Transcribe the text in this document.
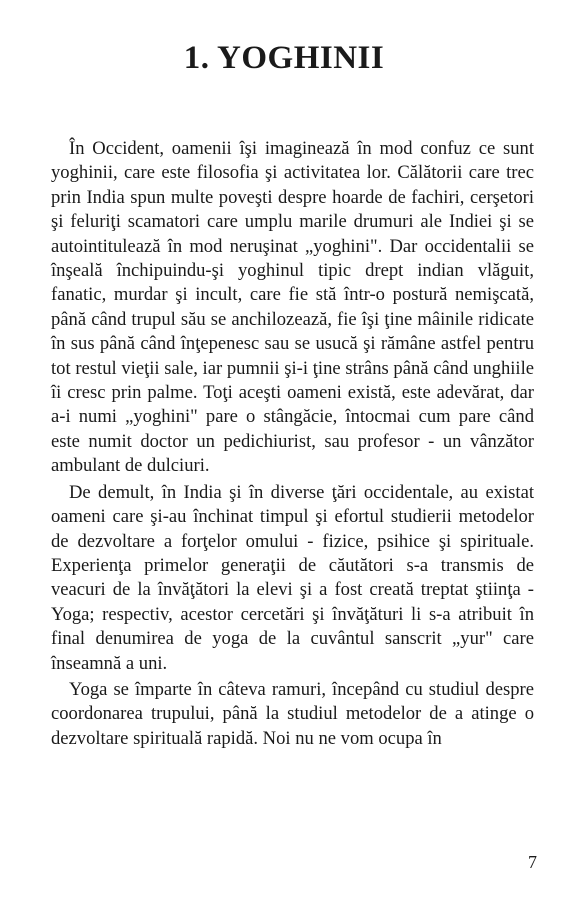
1. YOGHINII

În Occident, oamenii îşi imaginează în mod confuz ce sunt yoghinii, care este filosofia şi activitatea lor. Călătorii care trec prin India spun multe poveşti despre hoarde de fachiri, cerşetori şi feluriţi scamatori care umplu marile drumuri ale Indiei şi se autointitulează în mod neruşinat „yoghini". Dar occidentalii se înşeală închipuindu-şi yoghinul tipic drept indian vlăguit, fanatic, murdar şi incult, care fie stă într-o postură nemişcată, până când trupul său se anchilozează, fie îşi ţine mâinile ridicate în sus până când înţepenesc sau se usucă şi rămâne astfel pentru tot restul vieţii sale, iar pumnii şi-i ţine strâns până când unghiile îi cresc prin palme. Toţi aceşti oameni există, este adevărat, dar a-i numi „yoghini" pare o stângăcie, întocmai cum pare când este numit doctor un pedichiurist, sau profesor - un vânzător ambulant de dulciuri.

De demult, în India şi în diverse ţări occidentale, au existat oameni care şi-au închinat timpul şi efortul studierii metodelor de dezvoltare a forţelor omului - fizice, psihice şi spirituale. Experienţa primelor generaţii de căutători s-a transmis de veacuri de la învăţători la elevi şi a fost creată treptat ştiinţa -Yoga; respectiv, acestor cercetări şi învăţături li s-a atribuit în final denumirea de yoga de la cuvântul sanscrit „yur" care înseamnă a uni.

Yoga se împarte în câteva ramuri, începând cu studiul despre coordonarea trupului, până la studiul metodelor de a atinge o dezvoltare spirituală rapidă. Noi nu ne vom ocupa în

7
